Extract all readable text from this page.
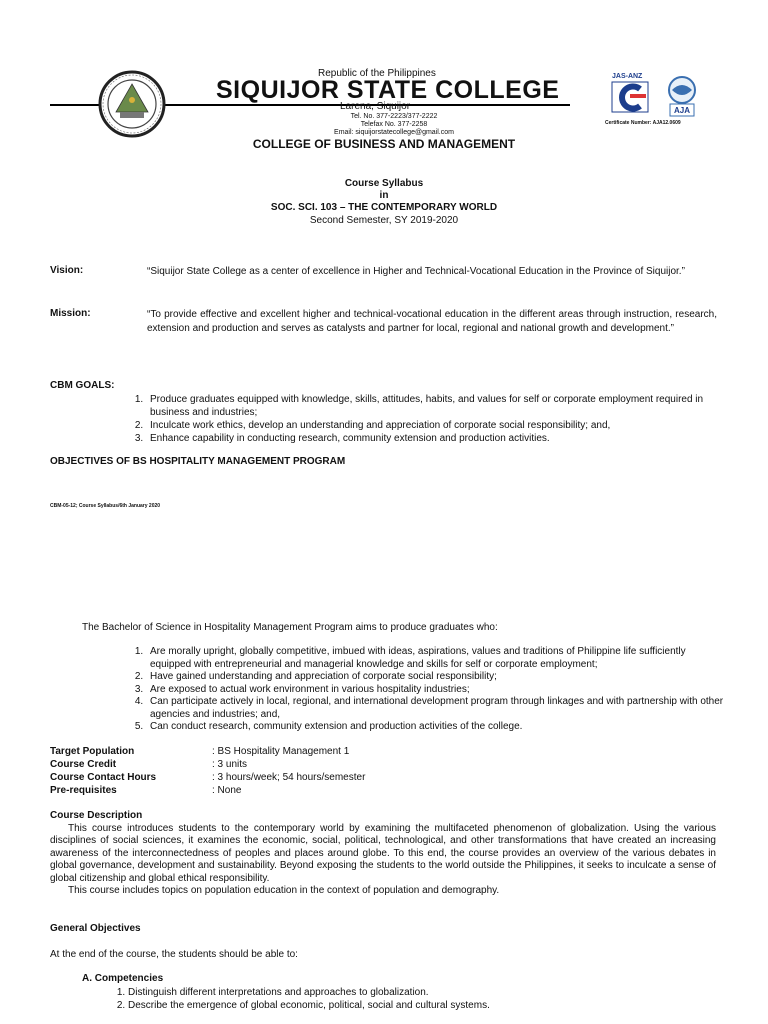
Republic of the Philippines
SIQUIJOR STATE COLLEGE
Larena, Siquijor
Tel. No. 377-2223/377-2222
Telefax No. 377-2258
Email: siquijorstatecollege@gmail.com
JAS-ANZ
AJA
Certificate Number: AJA12.0609
COLLEGE OF BUSINESS AND MANAGEMENT
Course Syllabus
in
SOC. SCI. 103 – THE CONTEMPORARY WORLD
Second Semester, SY 2019-2020
Vision:	“Siquijor State College as a center of excellence in Higher and Technical-Vocational Education in the Province of Siquijor.”
Mission:	“To provide effective and excellent higher and technical-vocational education in the different areas through instruction, research, extension and production and serves as catalysts and partner for local, regional and national growth and development.”
CBM GOALS:
1. Produce graduates equipped with knowledge, skills, attitudes, habits, and values for self or corporate employment required in business and industries;
2. Inculcate work ethics, develop an understanding and appreciation of corporate social responsibility; and,
3. Enhance capability in conducting research, community extension and production activities.
OBJECTIVES OF BS HOSPITALITY MANAGEMENT PROGRAM
CBM-05-12; Course Syllabus/6th January 2020
The Bachelor of Science in Hospitality Management Program aims to produce graduates who:
1. Are morally upright, globally competitive, imbued with ideas, aspirations, values and traditions of Philippine life sufficiently equipped with entrepreneurial and managerial knowledge and skills for self or corporate employment;
2. Have gained understanding and appreciation of corporate social responsibility;
3. Are exposed to actual work environment in various hospitality industries;
4. Can participate actively in local, regional, and international development program through linkages and with partnership with other agencies and industries; and,
5. Can conduct research, community extension and production activities of the college.
Target Population	: BS Hospitality Management 1
Course Credit	: 3 units
Course Contact Hours	: 3 hours/week; 54 hours/semester
Pre-requisites	: None
Course Description

This course introduces students to the contemporary world by examining the multifaceted phenomenon of globalization. Using the various disciplines of social sciences, it examines the economic, social, political, technological, and other transformations that have created an increasing awareness of the interconnectedness of peoples and places around globe. To this end, the course provides an overview of the various debates in global governance, development and sustainability. Beyond exposing the students to the world outside the Philippines, it seeks to inculcate a sense of global citizenship and global ethical responsibility.

This course includes topics on population education in the context of population and demography.

General Objectives
At the end of the course, the students should be able to:
A. Competencies
1. Distinguish different interpretations and approaches to globalization.
2. Describe the emergence of global economic, political, social and cultural systems.
